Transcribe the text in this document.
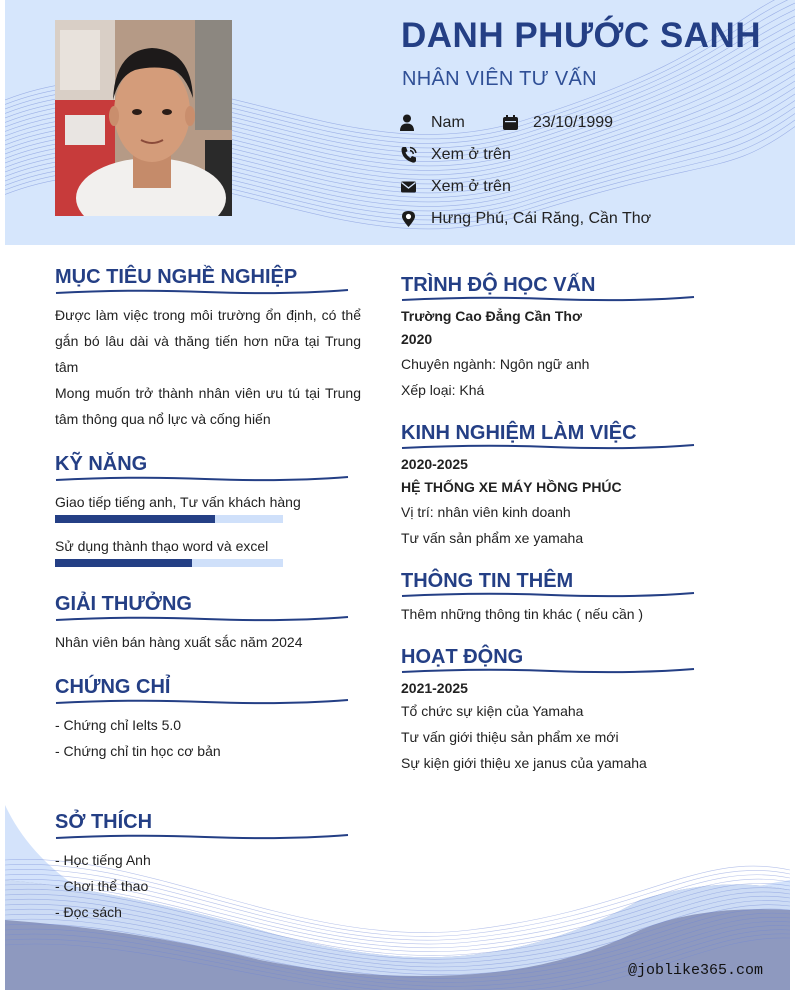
DANH PHƯỚC SANH
NHÂN VIÊN TƯ VẤN
Nam	23/10/1999
Xem ở trên
Xem ở trên
Hưng Phú, Cái Răng, Cần Thơ
MỤC TIÊU NGHỀ NGHIỆP
Được làm việc trong môi trường ổn định, có thể
gắn bó lâu dài và thăng tiến hơn nữa tại Trung
tâm
Mong muốn trở thành nhân viên ưu tú tại Trung
tâm thông qua nổ lực và cống hiến
KỸ NĂNG
Giao tiếp tiếng anh, Tư vấn khách hàng
Sử dụng thành thạo word và excel
GIẢI THƯỞNG
Nhân viên bán hàng xuất sắc năm 2024
CHỨNG CHỈ
- Chứng chỉ Ielts 5.0
- Chứng chỉ tin học cơ bản
SỞ THÍCH
- Học tiếng Anh
- Chơi thể thao
- Đọc sách
TRÌNH ĐỘ HỌC VẤN
Trường Cao Đẳng Cần Thơ
2020
Chuyên ngành: Ngôn ngữ anh
Xếp loại: Khá
KINH NGHIỆM LÀM VIỆC
2020-2025
HỆ THỐNG XE MÁY HỒNG PHÚC
Vị trí: nhân viên kinh doanh
Tư vấn sản phẩm xe yamaha
THÔNG TIN THÊM
Thêm những thông tin khác ( nếu cần )
HOẠT ĐỘNG
2021-2025
Tổ chức sự kiện của Yamaha
Tư vấn giới thiệu sản phẩm xe mới
Sự kiện giới thiệu xe janus của yamaha
@joblike365.com
